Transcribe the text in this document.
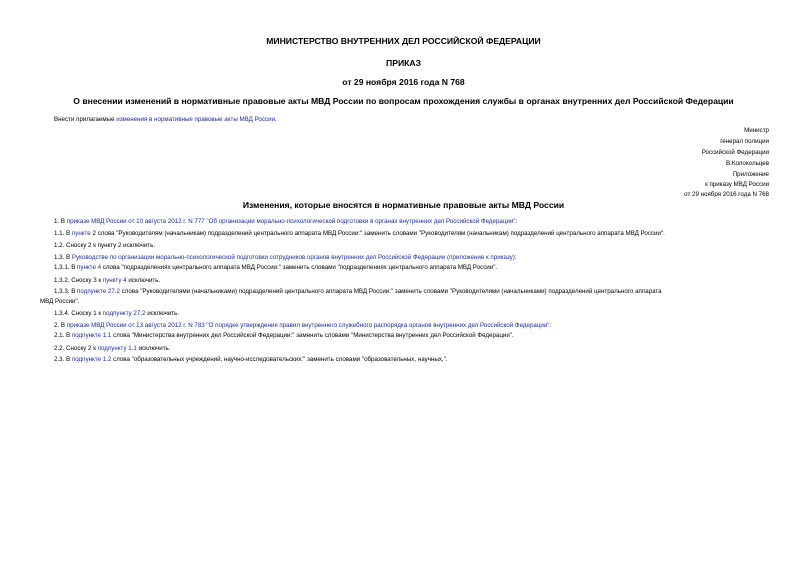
МИНИСТЕРСТВО ВНУТРЕННИХ ДЕЛ РОССИЙСКОЙ ФЕДЕРАЦИИ
ПРИКАЗ
от 29 ноября 2016 года N 768
О внесении изменений в нормативные правовые акты МВД России по вопросам прохождения службы в органах внутренних дел Российской Федерации
Внести прилагаемые изменения в нормативные правовые акты МВД России.
Министр
генерал полиции
Российской Федерации
В.Колокольцев
Приложение
к приказу МВД России
от 29 ноября 2016 года N 768
Изменения, которые вносятся в нормативные правовые акты МВД России
1. В приказе МВД России от 10 августа 2012 г. N 777 "Об организации морально-психологической подготовки в органах внутренних дел Российской Федерации":
1.1. В пункте 2 слова "Руководителям (начальникам) подразделений центрального аппарата МВД России:" заменить словами "Руководителям (начальникам) подразделений центрального аппарата МВД России".
1.2. Сноску 2 к пункту 2 исключить.
1.3. В Руководстве по организации морально-психологической подготовки сотрудников органов внутренних дел Российской Федерации (приложение к приказу):
1.3.1. В пункте 4 слова "подразделениях центрального аппарата МВД России:" заменить словами "подразделениях центрального аппарата МВД России".
1.3.2. Сноску 3 к пункту 4 исключить.
1.3.3. В подпункте 27.2 слова "Руководителями (начальниками) подразделений центрального аппарата МВД России:" заменить словами "Руководителями (начальниками) подразделений центрального аппарата
МВД России".
1.3.4. Сноску 1 к подпункту 27.2 исключить.
2. В приказе МВД России от 13 августа 2012 г. N 783 "О порядке утверждения правил внутреннего служебного распорядка органов внутренних дел Российской Федерации":
2.1. В подпункте 1.1 слова "Министерства внутренних дел Российской Федерации:" заменить словами "Министерства внутренних дел Российской Федерации".
2.2. Сноску 2 к подпункту 1.1 исключить.
2.3. В подпункте 1.2 слова "образовательных учреждений, научно-исследовательских:" заменить словами "образовательных, научных,".
